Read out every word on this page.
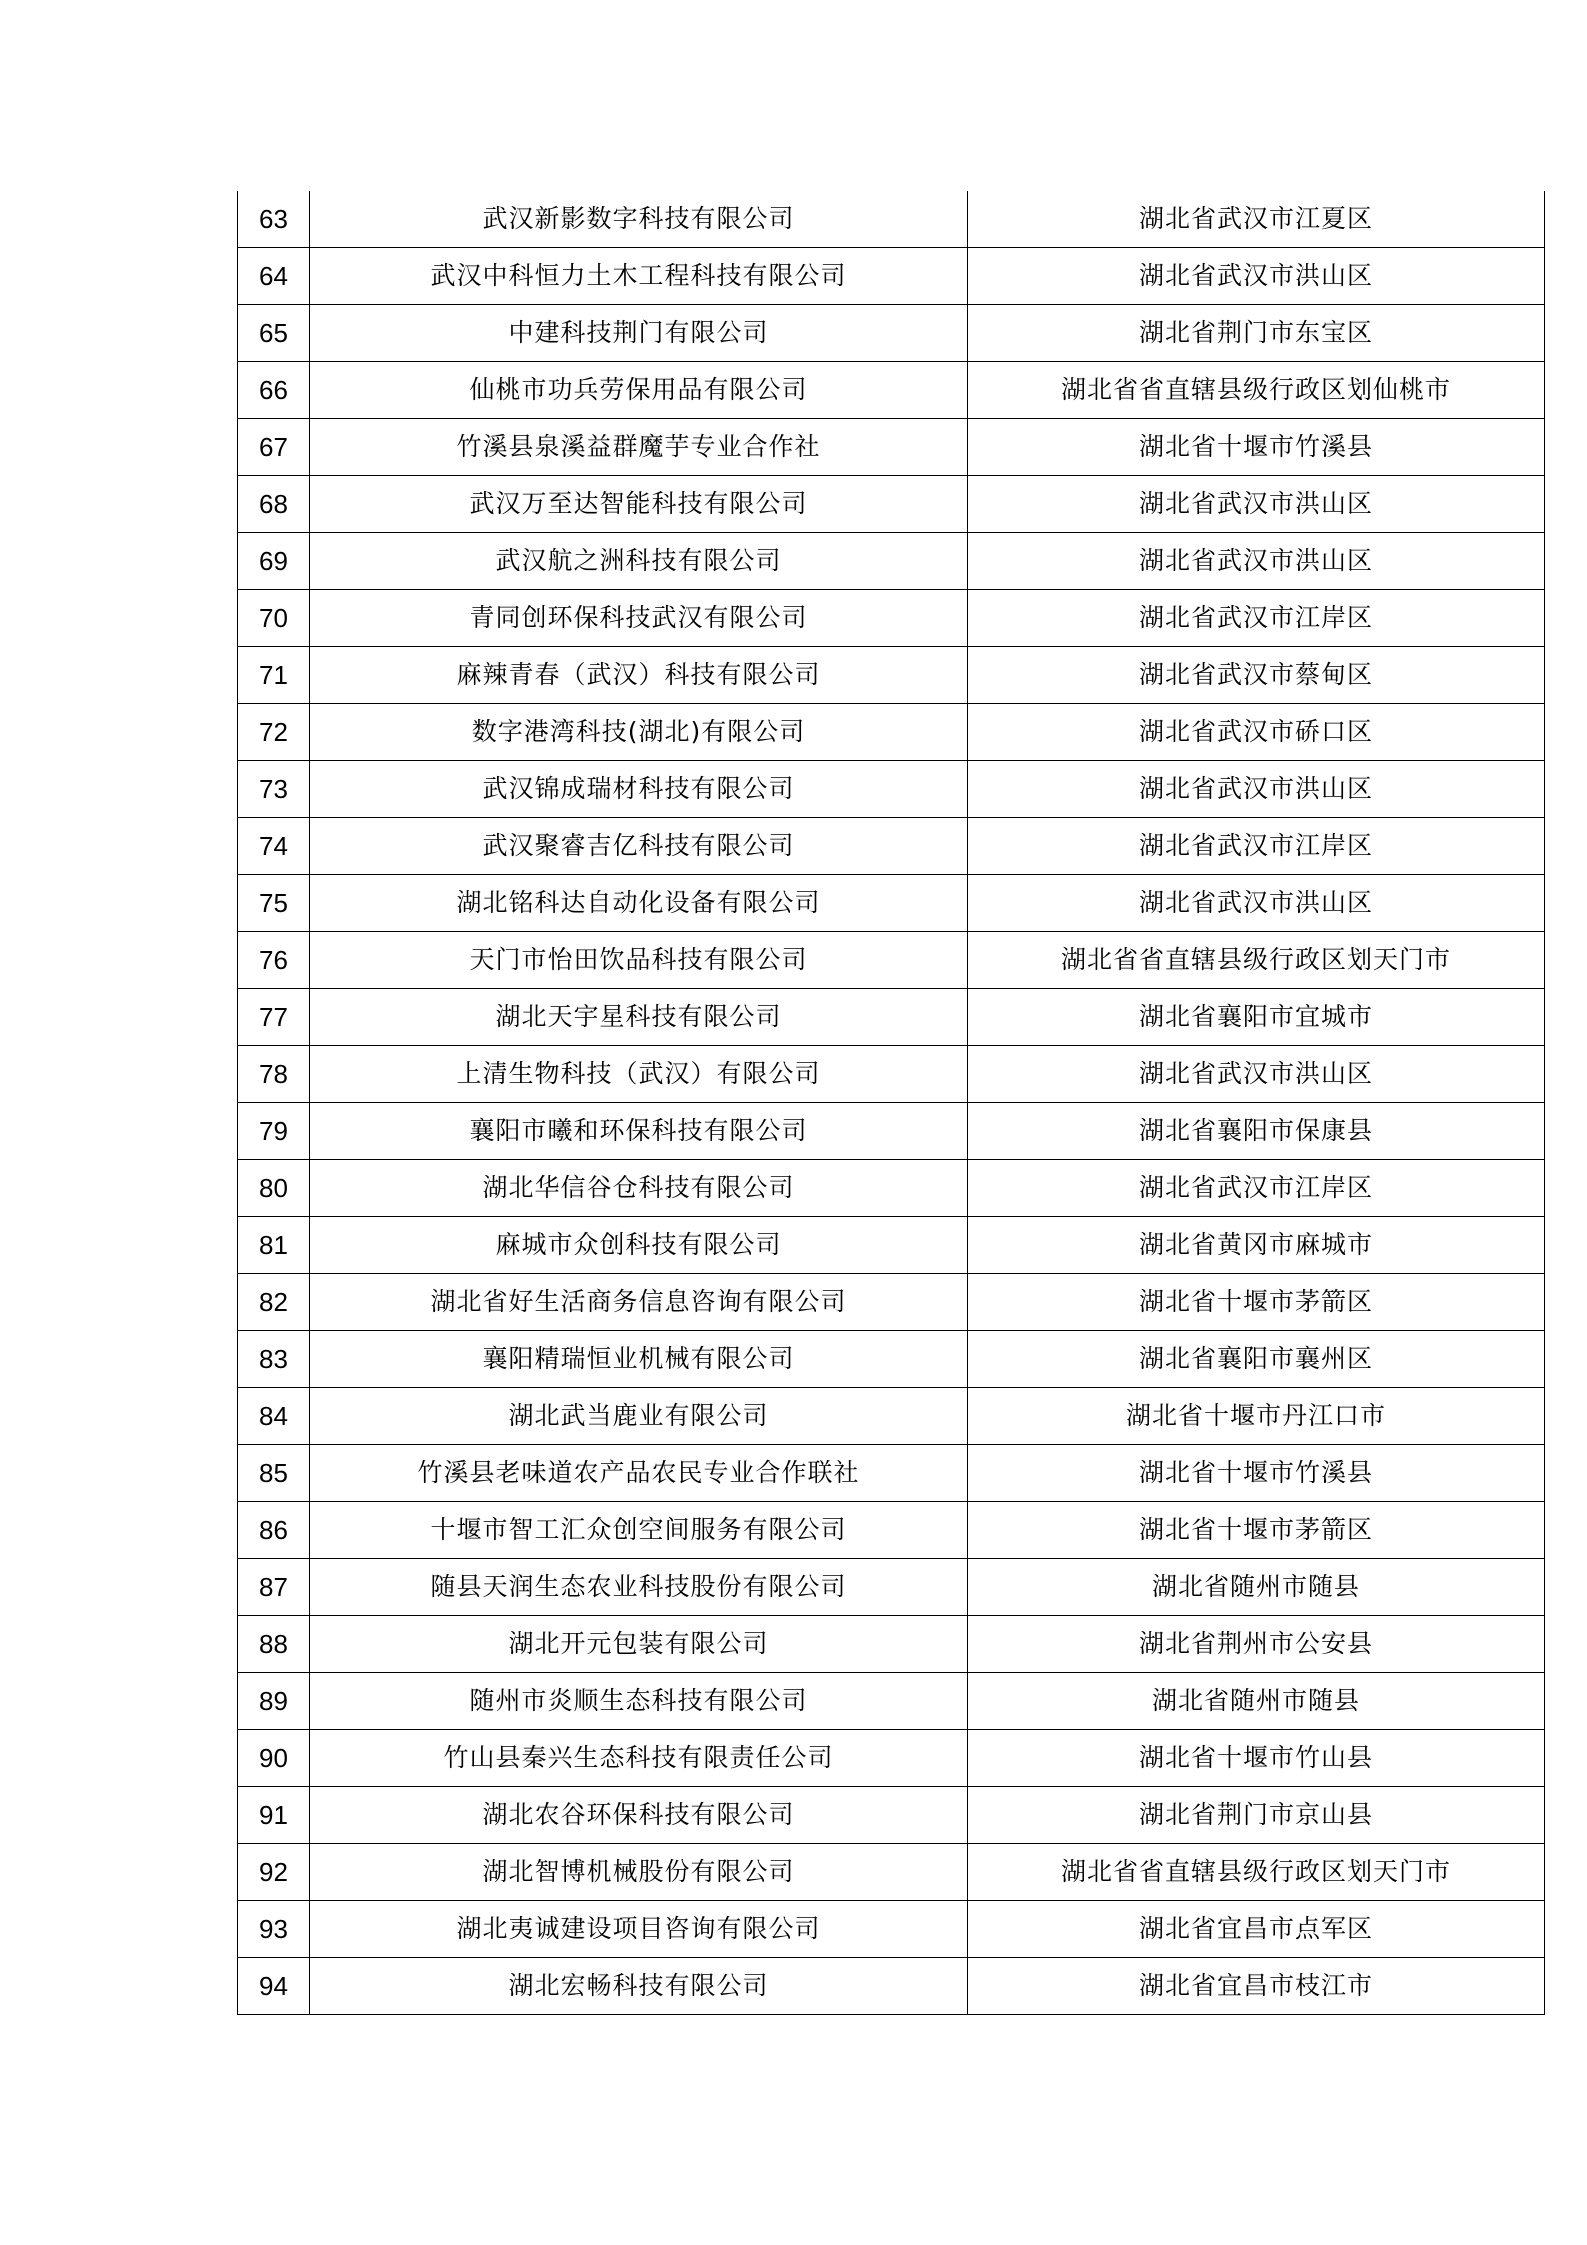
63	武汉新影数字科技有限公司	湖北省武汉市江夏区
64	武汉中科恒力土木工程科技有限公司	湖北省武汉市洪山区
65	中建科技荆门有限公司	湖北省荆门市东宝区
66	仙桃市功兵劳保用品有限公司	湖北省省直辖县级行政区划仙桃市
67	竹溪县泉溪益群魔芋专业合作社	湖北省十堰市竹溪县
68	武汉万至达智能科技有限公司	湖北省武汉市洪山区
69	武汉航之洲科技有限公司	湖北省武汉市洪山区
70	青同创环保科技武汉有限公司	湖北省武汉市江岸区
71	麻辣青春（武汉）科技有限公司	湖北省武汉市蔡甸区
72	数字港湾科技(湖北)有限公司	湖北省武汉市硚口区
73	武汉锦成瑞材科技有限公司	湖北省武汉市洪山区
74	武汉聚睿吉亿科技有限公司	湖北省武汉市江岸区
75	湖北铭科达自动化设备有限公司	湖北省武汉市洪山区
76	天门市怡田饮品科技有限公司	湖北省省直辖县级行政区划天门市
77	湖北天宇星科技有限公司	湖北省襄阳市宜城市
78	上清生物科技（武汉）有限公司	湖北省武汉市洪山区
79	襄阳市曦和环保科技有限公司	湖北省襄阳市保康县
80	湖北华信谷仓科技有限公司	湖北省武汉市江岸区
81	麻城市众创科技有限公司	湖北省黄冈市麻城市
82	湖北省好生活商务信息咨询有限公司	湖北省十堰市茅箭区
83	襄阳精瑞恒业机械有限公司	湖北省襄阳市襄州区
84	湖北武当鹿业有限公司	湖北省十堰市丹江口市
85	竹溪县老味道农产品农民专业合作联社	湖北省十堰市竹溪县
86	十堰市智工汇众创空间服务有限公司	湖北省十堰市茅箭区
87	随县天润生态农业科技股份有限公司	湖北省随州市随县
88	湖北开元包装有限公司	湖北省荆州市公安县
89	随州市炎顺生态科技有限公司	湖北省随州市随县
90	竹山县秦兴生态科技有限责任公司	湖北省十堰市竹山县
91	湖北农谷环保科技有限公司	湖北省荆门市京山县
92	湖北智博机械股份有限公司	湖北省省直辖县级行政区划天门市
93	湖北夷诚建设项目咨询有限公司	湖北省宜昌市点军区
94	湖北宏畅科技有限公司	湖北省宜昌市枝江市
